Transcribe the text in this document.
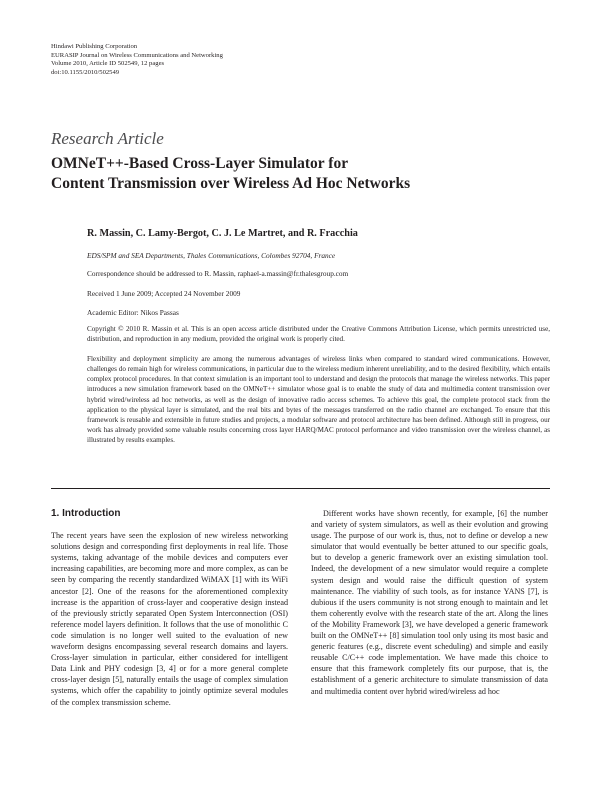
Hindawi Publishing Corporation
EURASIP Journal on Wireless Communications and Networking
Volume 2010, Article ID 502549, 12 pages
doi:10.1155/2010/502549
Research Article
OMNeT++-Based Cross-Layer Simulator for
Content Transmission over Wireless Ad Hoc Networks
R. Massin, C. Lamy-Bergot, C. J. Le Martret, and R. Fracchia
EDS/SPM and SEA Departments, Thales Communications, Colombes 92704, France
Correspondence should be addressed to R. Massin, raphael-a.massin@fr.thalesgroup.com
Received 1 June 2009; Accepted 24 November 2009
Academic Editor: Nikos Passas
Copyright © 2010 R. Massin et al. This is an open access article distributed under the Creative Commons Attribution License, which permits unrestricted use, distribution, and reproduction in any medium, provided the original work is properly cited.
Flexibility and deployment simplicity are among the numerous advantages of wireless links when compared to standard wired communications. However, challenges do remain high for wireless communications, in particular due to the wireless medium inherent unreliability, and to the desired flexibility, which entails complex protocol procedures. In that context simulation is an important tool to understand and design the protocols that manage the wireless networks. This paper introduces a new simulation framework based on the OMNeT++ simulator whose goal is to enable the study of data and multimedia content transmission over hybrid wired/wireless ad hoc networks, as well as the design of innovative radio access schemes. To achieve this goal, the complete protocol stack from the application to the physical layer is simulated, and the real bits and bytes of the messages transferred on the radio channel are exchanged. To ensure that this framework is reusable and extensible in future studies and projects, a modular software and protocol architecture has been defined. Although still in progress, our work has already provided some valuable results concerning cross layer HARQ/MAC protocol performance and video transmission over the wireless channel, as illustrated by results examples.
1. Introduction

The recent years have seen the explosion of new wireless networking solutions design and corresponding first deployments in real life. Those systems, taking advantage of the mobile devices and computers ever increasing capabilities, are becoming more and more complex, as can be seen by comparing the recently standardized WiMAX [1] with its WiFi ancestor [2]. One of the reasons for the aforementioned complexity increase is the apparition of cross-layer and cooperative design instead of the previously strictly separated Open System Interconnection (OSI) reference model layers definition. It follows that the use of monolithic C code simulation is no longer well suited to the evaluation of new waveform designs encompassing several research domains and layers. Cross-layer simulation in particular, either considered for intelligent Data Link and PHY codesign [3, 4] or for a more general complete cross-layer design [5], naturally entails the usage of complex simulation systems, which offer the capability to jointly optimize several modules of the complex transmission scheme.

Different works have shown recently, for example, [6] the number and variety of system simulators, as well as their evolution and growing usage. The purpose of our work is, thus, not to define or develop a new simulator that would eventually be better attuned to our specific goals, but to develop a generic framework over an existing simulation tool. Indeed, the development of a new simulator would require a complete system design and would raise the difficult question of system maintenance. The viability of such tools, as for instance YANS [7], is dubious if the users community is not strong enough to maintain and let them coherently evolve with the research state of the art. Along the lines of the Mobility Framework [3], we have developed a generic framework built on the OMNeT++ [8] simulation tool only using its most basic and generic features (e.g., discrete event scheduling) and simple and easily reusable C/C++ code implementation. We have made this choice to ensure that this framework completely fits our purpose, that is, the establishment of a generic architecture to simulate transmission of data and multimedia content over hybrid wired/wireless ad hoc
